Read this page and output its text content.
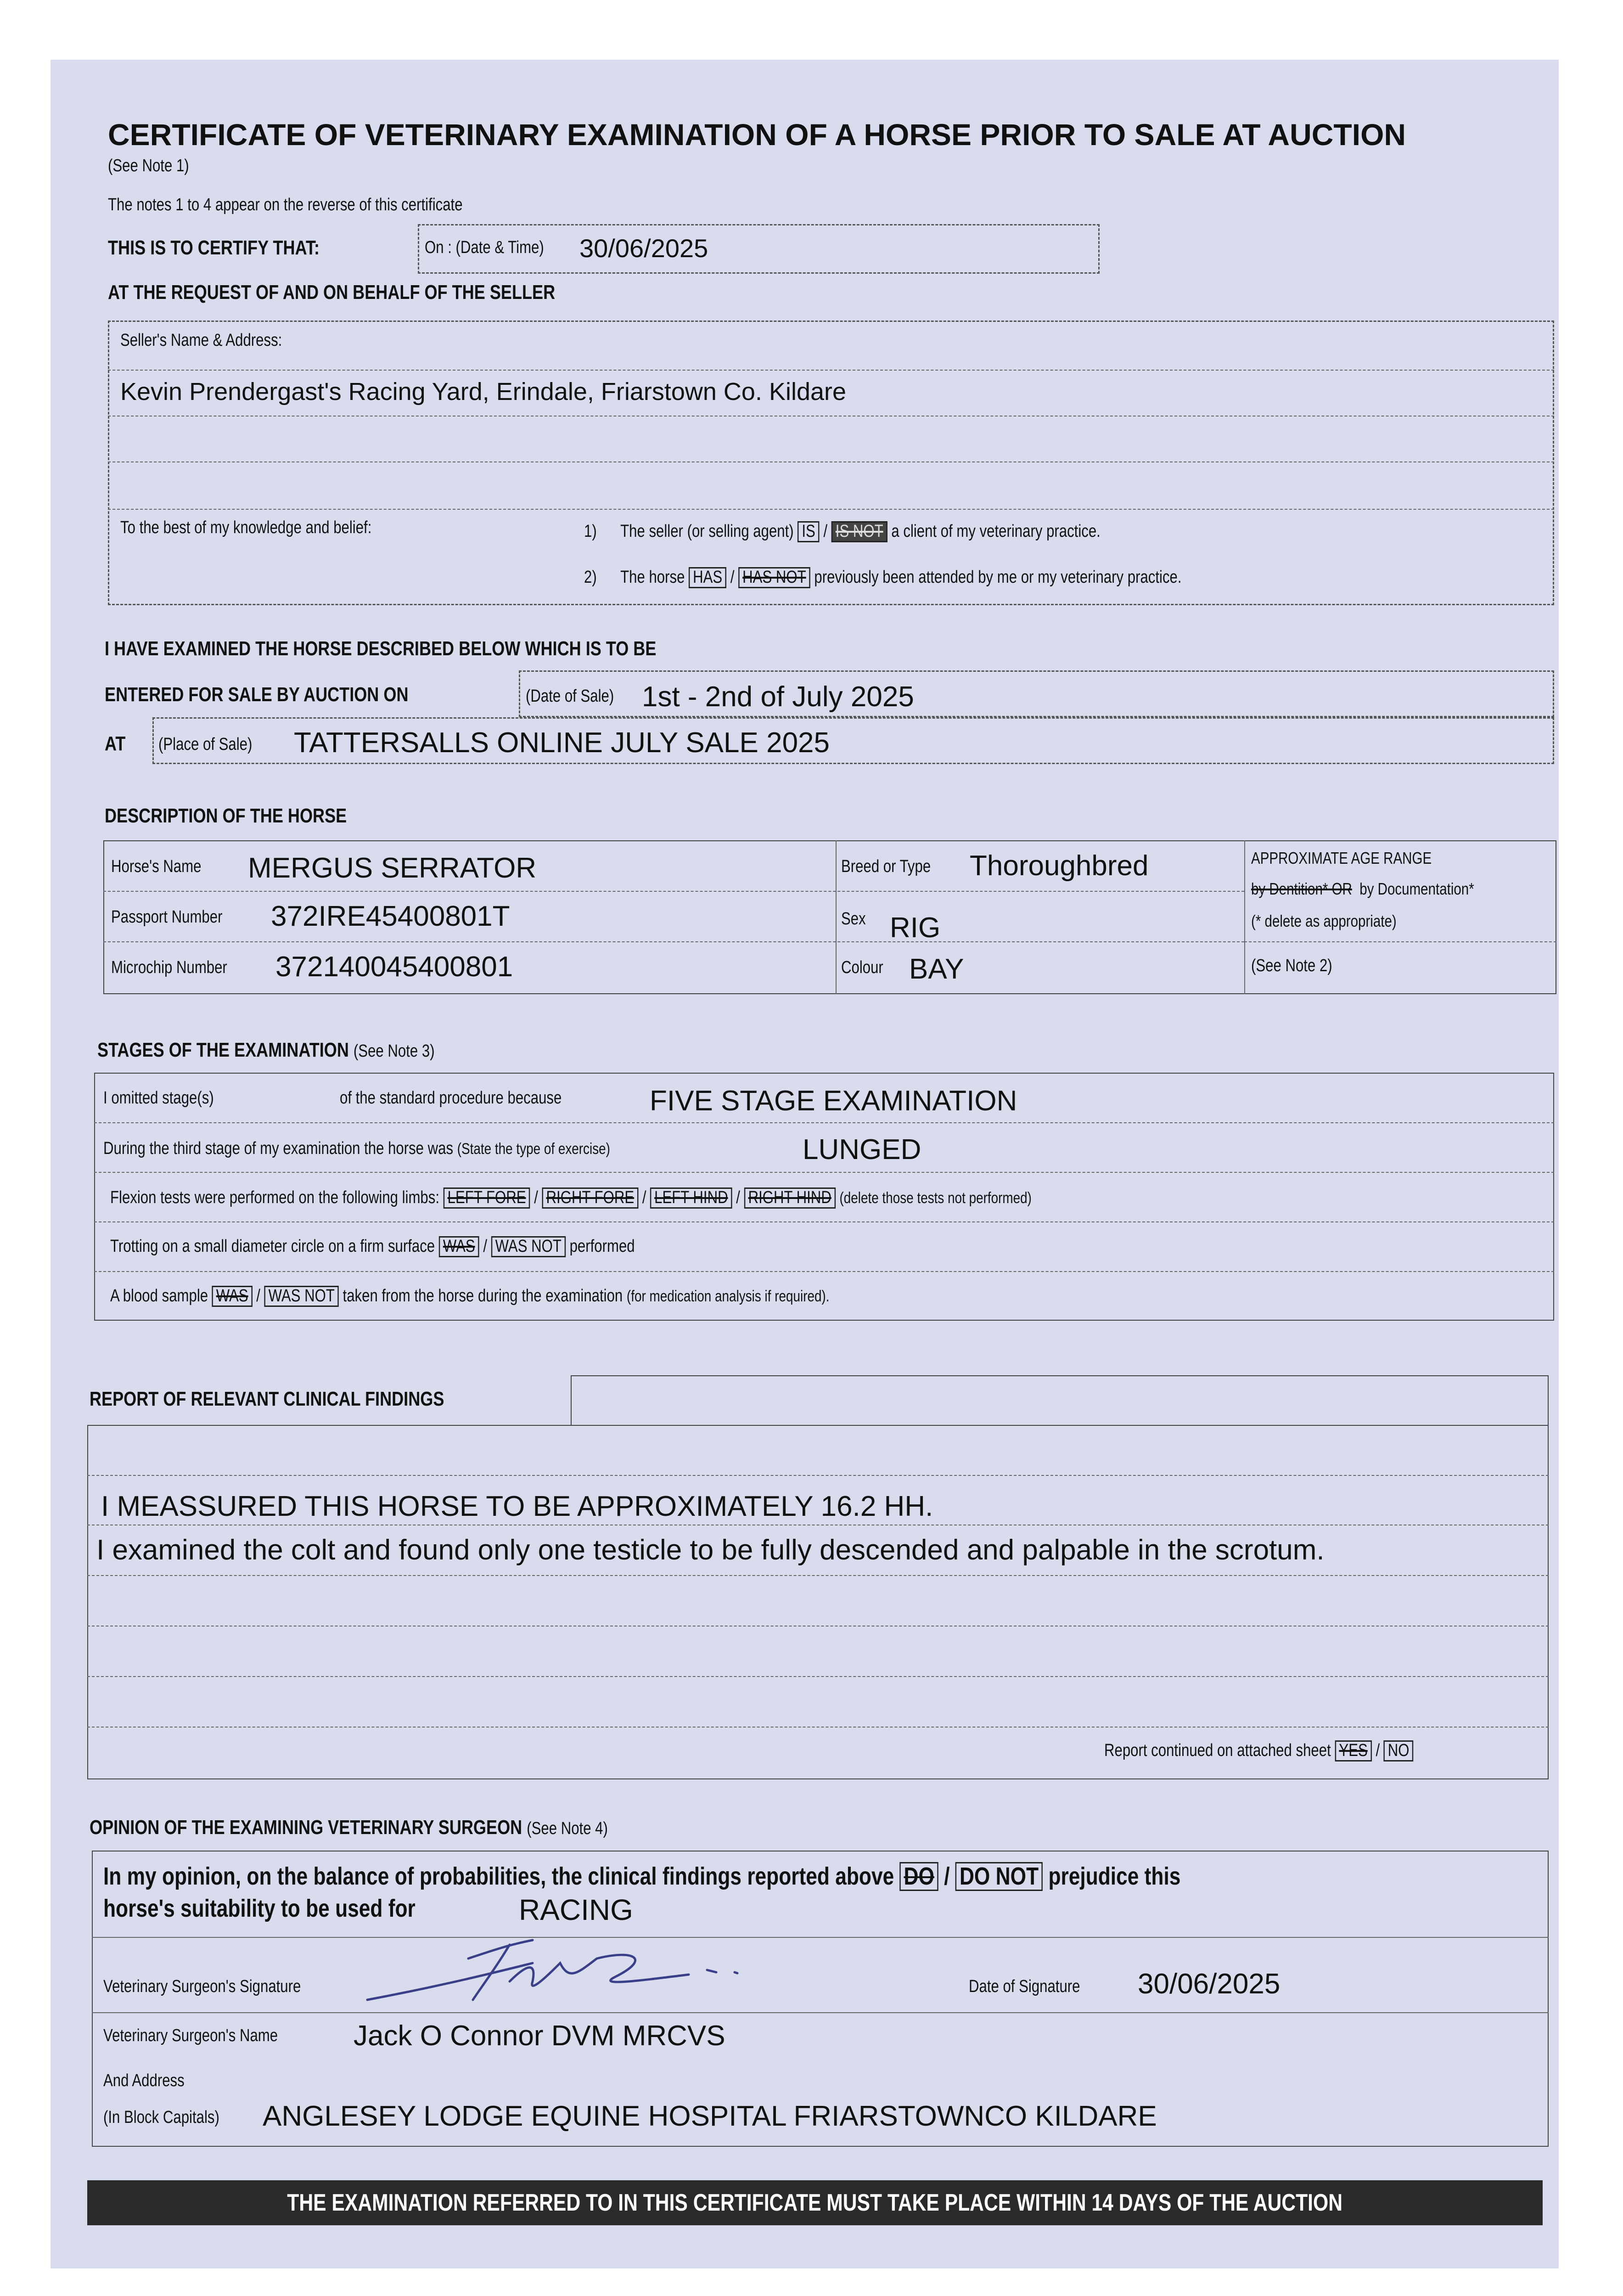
CERTIFICATE OF VETERINARY EXAMINATION OF A HORSE PRIOR TO SALE AT AUCTION
(See Note 1)
The notes 1 to 4 appear on the reverse of this certificate
THIS IS TO CERTIFY THAT:	On : (Date & Time)	30/06/2025
AT THE REQUEST OF AND ON BEHALF OF THE SELLER
Seller's Name & Address:
Kevin Prendergast's Racing Yard, Erindale, Friarstown Co. Kildare
To the best of my knowledge and belief:	1) The seller (or selling agent) IS / IS NOT a client of my veterinary practice.
2) The horse HAS / HAS NOT previously been attended by me or my veterinary practice.
I HAVE EXAMINED THE HORSE DESCRIBED BELOW WHICH IS TO BE
ENTERED FOR SALE BY AUCTION ON	(Date of Sale) 1st - 2nd of July 2025
AT (Place of Sale)	TATTERSALLS ONLINE JULY SALE 2025
DESCRIPTION OF THE HORSE
Horse's Name	MERGUS SERRATOR
Passport Number	372IRE45400801T
Microchip Number	372140045400801
Breed or Type	Thoroughbred
Sex RIG
Colour BAY
APPROXIMATE AGE RANGE
by Dentition* OR by Documentation*
(* delete as appropriate)
(See Note 2)
STAGES OF THE EXAMINATION (See Note 3)
I omitted stage(s)	of the standard procedure because	FIVE STAGE EXAMINATION
During the third stage of my examination the horse was (State the type of exercise)	LUNGED
Flexion tests were performed on the following limbs: LEFT FORE / RIGHT FORE / LEFT HIND / RIGHT HIND (delete those tests not performed)
Trotting on a small diameter circle on a firm surface WAS / WAS NOT performed
A blood sample WAS / WAS NOT taken from the horse during the examination (for medication analysis if required).
REPORT OF RELEVANT CLINICAL FINDINGS
I MEASSURED THIS HORSE TO BE APPROXIMATELY 16.2 HH.
I examined the colt and found only one testicle to be fully descended and palpable in the scrotum.
Report continued on attached sheet YES / NO
OPINION OF THE EXAMINING VETERINARY SURGEON (See Note 4)
In my opinion, on the balance of probabilities, the clinical findings reported above DO / DO NOT prejudice this
horse's suitability to be used for	RACING
Veterinary Surgeon's Signature	Date of Signature	30/06/2025
Veterinary Surgeon's Name	Jack O Connor DVM MRCVS
And Address
(In Block Capitals)	ANGLESEY LODGE EQUINE HOSPITAL FRIARSTOWNCO KILDARE
THE EXAMINATION REFERRED TO IN THIS CERTIFICATE MUST TAKE PLACE WITHIN 14 DAYS OF THE AUCTION
